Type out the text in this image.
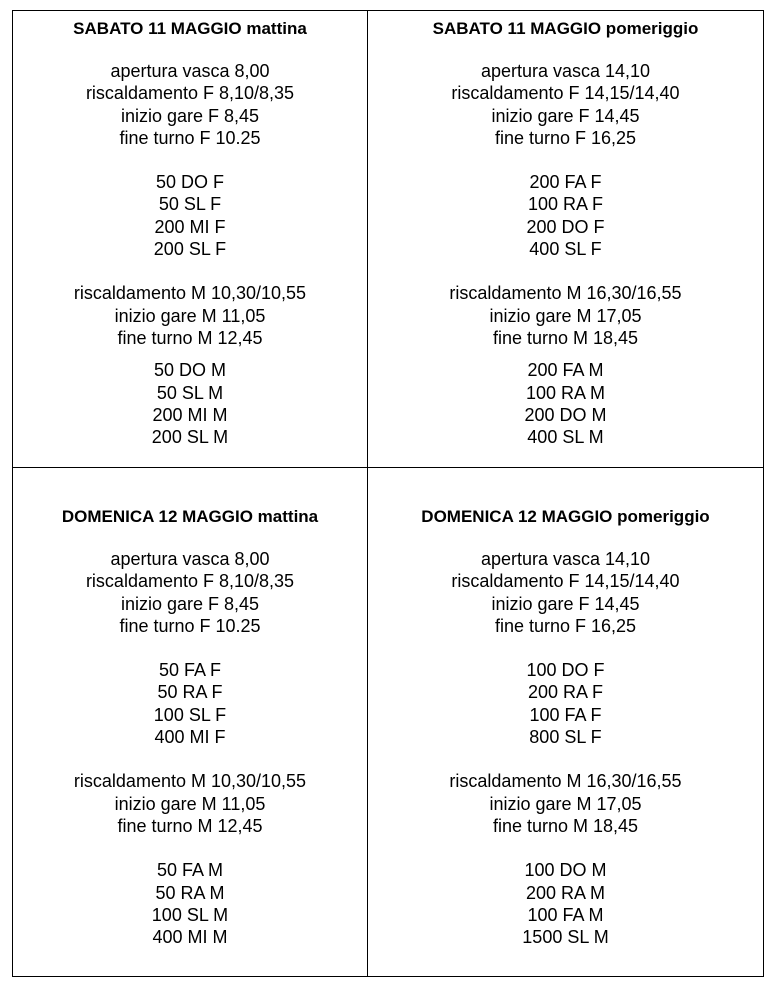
SABATO 11 MAGGIO mattina
apertura vasca 8,00
riscaldamento F 8,10/8,35
inizio gare F 8,45
fine turno F 10.25
50 DO F
50 SL F
200 MI F
200 SL F
riscaldamento M 10,30/10,55
inizio gare M 11,05
fine turno M 12,45
50 DO M
50 SL M
200 MI M
200 SL M
SABATO 11 MAGGIO pomeriggio
apertura vasca 14,10
riscaldamento F 14,15/14,40
inizio gare F 14,45
fine turno F 16,25
200 FA F
100 RA F
200 DO F
400 SL F
riscaldamento M 16,30/16,55
inizio gare M 17,05
fine turno M 18,45
200 FA M
100 RA M
200 DO M
400 SL M
DOMENICA 12 MAGGIO mattina
apertura vasca 8,00
riscaldamento F 8,10/8,35
inizio gare F 8,45
fine turno F 10.25
50 FA F
50 RA F
100 SL F
400 MI F
riscaldamento M 10,30/10,55
inizio gare M 11,05
fine turno M 12,45
50 FA M
50 RA M
100 SL M
400 MI M
DOMENICA 12 MAGGIO pomeriggio
apertura vasca 14,10
riscaldamento F 14,15/14,40
inizio gare F 14,45
fine turno F 16,25
100 DO F
200 RA F
100 FA F
800 SL F
riscaldamento M 16,30/16,55
inizio gare M 17,05
fine turno M 18,45
100 DO M
200 RA M
100 FA M
1500 SL M
